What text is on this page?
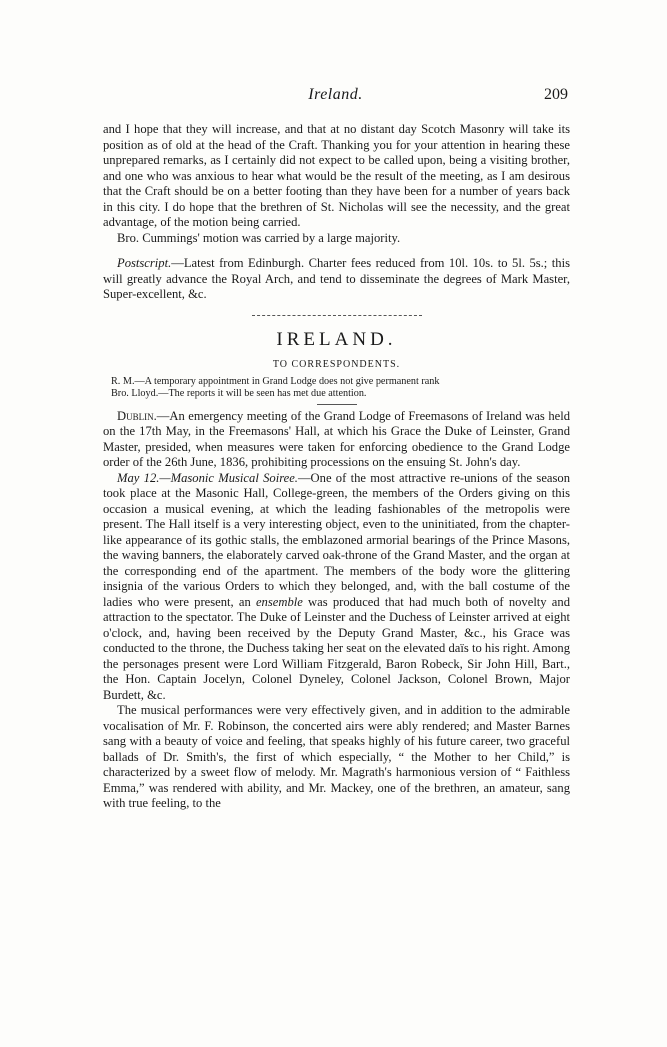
Ireland.	209

and I hope that they will increase, and that at no distant day Scotch Masonry will take its position as of old at the head of the Craft. Thanking you for your attention in hearing these unprepared remarks, as I certainly did not expect to be called upon, being a visiting brother, and one who was anxious to hear what would be the result of the meeting, as I am desirous that the Craft should be on a better footing than they have been for a number of years back in this city. I do hope that the brethren of St. Nicholas will see the necessity, and the great advantage, of the motion being carried.

Bro. Cummings' motion was carried by a large majority.

Postscript.—Latest from Edinburgh. Charter fees reduced from 10l. 10s. to 5l. 5s.; this will greatly advance the Royal Arch, and tend to disseminate the degrees of Mark Master, Super-excellent, &c.

IRELAND.
TO CORRESPONDENTS.
R. M.—A temporary appointment in Grand Lodge does not give permanent rank
Bro. Lloyd.—The reports it will be seen has met due attention.

Dublin.—An emergency meeting of the Grand Lodge of Freemasons of Ireland was held on the 17th May, in the Freemasons' Hall, at which his Grace the Duke of Leinster, Grand Master, presided, when measures were taken for enforcing obedience to the Grand Lodge order of the 26th June, 1836, prohibiting processions on the ensuing St. John's day.

May 12.—Masonic Musical Soiree.—One of the most attractive re-unions of the season took place at the Masonic Hall, College-green, the members of the Orders giving on this occasion a musical evening, at which the leading fashionables of the metropolis were present. The Hall itself is a very interesting object, even to the uninitiated, from the chapter-like appearance of its gothic stalls, the emblazoned armorial bearings of the Prince Masons, the waving banners, the elaborately carved oak-throne of the Grand Master, and the organ at the corresponding end of the apartment. The members of the body wore the glittering insignia of the various Orders to which they belonged, and, with the ball costume of the ladies who were present, an ensemble was produced that had much both of novelty and attraction to the spectator. The Duke of Leinster and the Duchess of Leinster arrived at eight o'clock, and, having been received by the Deputy Grand Master, &c., his Grace was conducted to the throne, the Duchess taking her seat on the elevated daïs to his right. Among the personages present were Lord William Fitzgerald, Baron Robeck, Sir John Hill, Bart., the Hon. Captain Jocelyn, Colonel Dyneley, Colonel Jackson, Colonel Brown, Major Burdett, &c.

The musical performances were very effectively given, and in addition to the admirable vocalisation of Mr. F. Robinson, the concerted airs were ably rendered; and Master Barnes sang with a beauty of voice and feeling, that speaks highly of his future career, two graceful ballads of Dr. Smith's, the first of which especially, “ the Mother to her Child,” is characterized by a sweet flow of melody. Mr. Magrath's harmonious version of “ Faithless Emma,” was rendered with ability, and Mr. Mackey, one of the brethren, an amateur, sang with true feeling, to the
